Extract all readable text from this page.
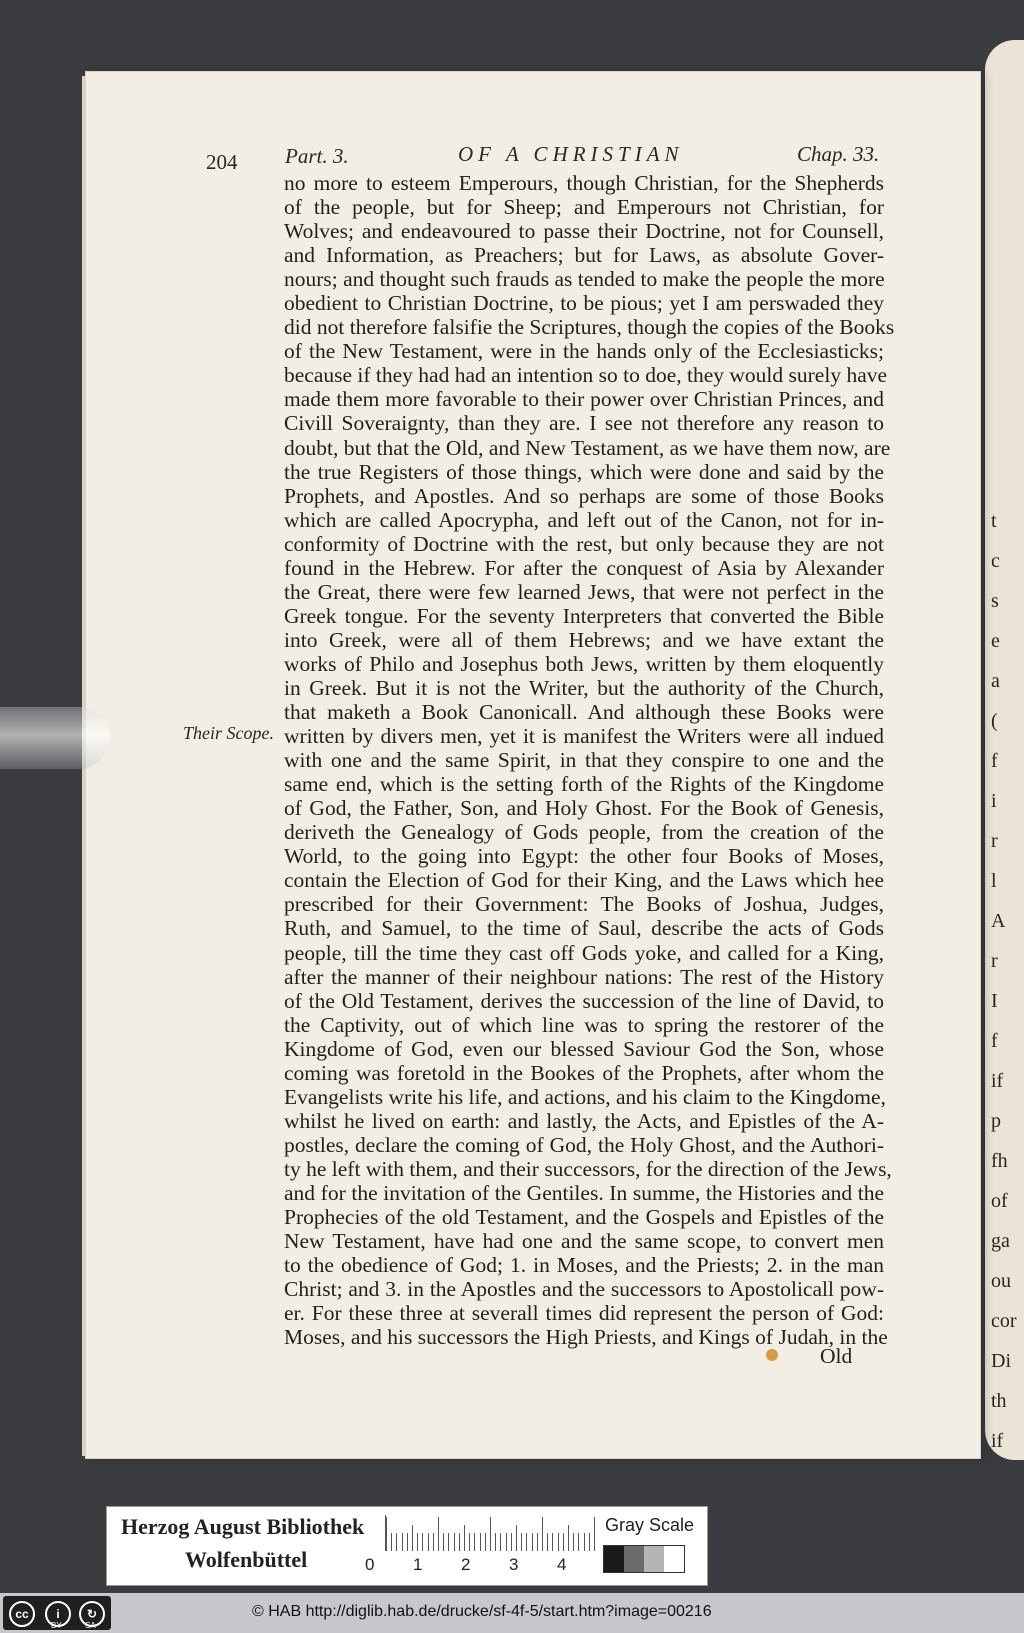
t
c
s
e
a
(
f
i
r
l
A
r
I
f
if
p
fh
of
ga
ou
cor
Di
th
if
204 Part. 3.	OF A CHRISTIAN	Chap. 33.
Their Scope.
no more to esteem Emperours, though Christian, for the Shepherds
of the people, but for Sheep; and Emperours not Christian, for
Wolves; and endeavoured to passe their Doctrine, not for Counsell,
and Information, as Preachers; but for Laws, as absolute Gover-
nours; and thought such frauds as tended to make the people the more
obedient to Christian Doctrine, to be pious; yet I am perswaded they
did not therefore falsifie the Scriptures, though the copies of the Books
of the New Testament, were in the hands only of the Ecclesiasticks;
because if they had had an intention so to doe, they would surely have
made them more favorable to their power over Christian Princes, and
Civill Soveraignty, than they are. I see not therefore any reason to
doubt, but that the Old, and New Testament, as we have them now, are
the true Registers of those things, which were done and said by the
Prophets, and Apostles. And so perhaps are some of those Books
which are called Apocrypha, and left out of the Canon, not for in-
conformity of Doctrine with the rest, but only because they are not
found in the Hebrew. For after the conquest of Asia by Alexander
the Great, there were few learned Jews, that were not perfect in the
Greek tongue. For the seventy Interpreters that converted the Bible
into Greek, were all of them Hebrews; and we have extant the
works of Philo and Josephus both Jews, written by them eloquently
in Greek. But it is not the Writer, but the authority of the Church,
that maketh a Book Canonicall. And although these Books were
written by divers men, yet it is manifest the Writers were all indued
with one and the same Spirit, in that they conspire to one and the
same end, which is the setting forth of the Rights of the Kingdome
of God, the Father, Son, and Holy Ghost. For the Book of Genesis,
deriveth the Genealogy of Gods people, from the creation of the
World, to the going into Egypt: the other four Books of Moses,
contain the Election of God for their King, and the Laws which hee
prescribed for their Government: The Books of Joshua, Judges,
Ruth, and Samuel, to the time of Saul, describe the acts of Gods
people, till the time they cast off Gods yoke, and called for a King,
after the manner of their neighbour nations: The rest of the History
of the Old Testament, derives the succession of the line of David, to
the Captivity, out of which line was to spring the restorer of the
Kingdome of God, even our blessed Saviour God the Son, whose
coming was foretold in the Bookes of the Prophets, after whom the
Evangelists write his life, and actions, and his claim to the Kingdome,
whilst he lived on earth: and lastly, the Acts, and Epistles of the A-
postles, declare the coming of God, the Holy Ghost, and the Authori-
ty he left with them, and their successors, for the direction of the Jews,
and for the invitation of the Gentiles. In summe, the Histories and the
Prophecies of the old Testament, and the Gospels and Epistles of the
New Testament, have had one and the same scope, to convert men
to the obedience of God; 1. in Moses, and the Priests; 2. in the man
Christ; and 3. in the Apostles and the successors to Apostolicall pow-
er. For these three at severall times did represent the person of God:
Moses, and his successors the High Priests, and Kings of Judah, in the
Old
Herzog August Bibliothek
Wolfenbüttel	0 1 2 3 4
Gray Scale
cc	i	↻
BY	SA
© HAB http://diglib.hab.de/drucke/sf-4f-5/start.htm?image=00216
